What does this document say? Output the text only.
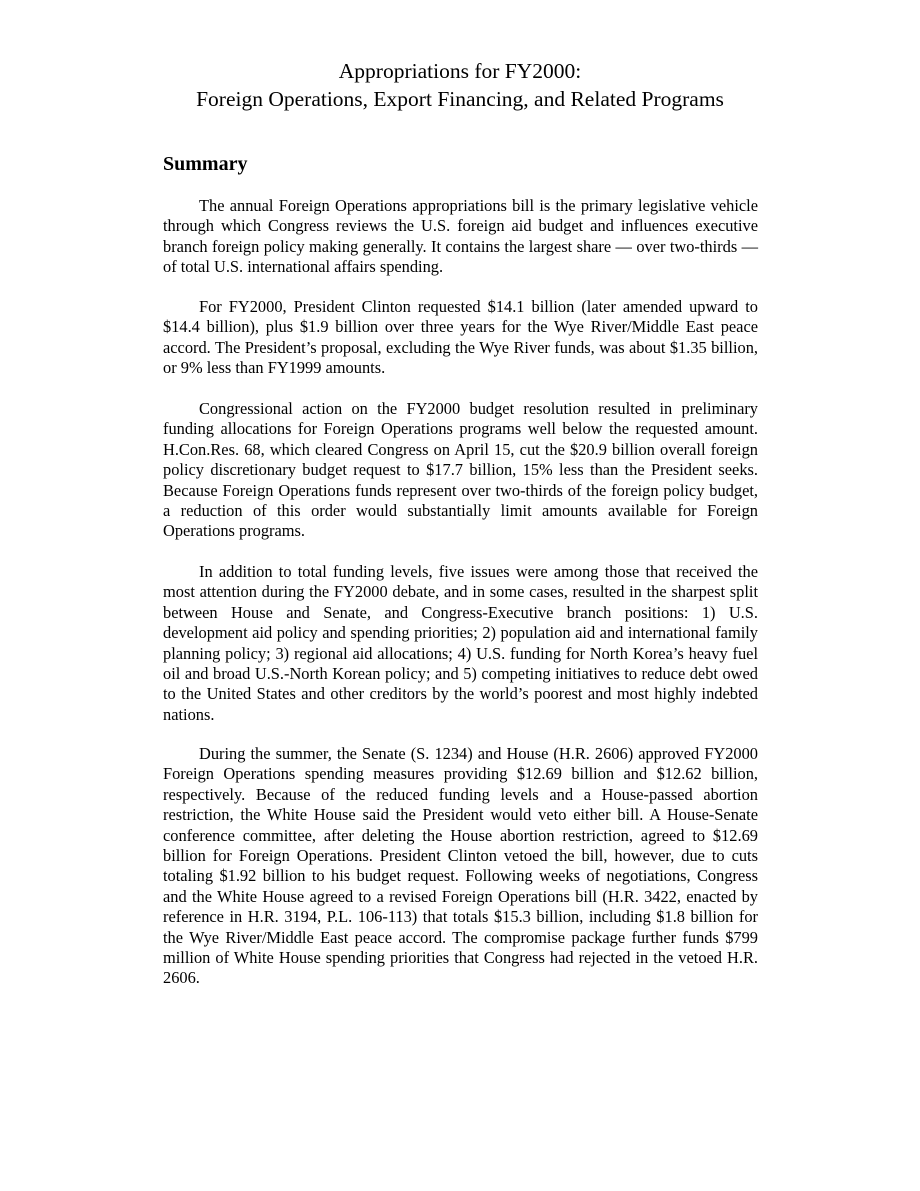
Appropriations for FY2000:
Foreign Operations, Export Financing, and Related Programs
Summary

The annual Foreign Operations appropriations bill is the primary legislative vehicle through which Congress reviews the U.S. foreign aid budget and influences executive branch foreign policy making generally. It contains the largest share — over two-thirds — of total U.S. international affairs spending.

For FY2000, President Clinton requested $14.1 billion (later amended upward to $14.4 billion), plus $1.9 billion over three years for the Wye River/Middle East peace accord. The President’s proposal, excluding the Wye River funds, was about $1.35 billion, or 9% less than FY1999 amounts.

Congressional action on the FY2000 budget resolution resulted in preliminary funding allocations for Foreign Operations programs well below the requested amount. H.Con.Res. 68, which cleared Congress on April 15, cut the $20.9 billion overall foreign policy discretionary budget request to $17.7 billion, 15% less than the President seeks. Because Foreign Operations funds represent over two-thirds of the foreign policy budget, a reduction of this order would substantially limit amounts available for Foreign Operations programs.

In addition to total funding levels, five issues were among those that received the most attention during the FY2000 debate, and in some cases, resulted in the sharpest split between House and Senate, and Congress-Executive branch positions: 1) U.S. development aid policy and spending priorities; 2) population aid and international family planning policy; 3) regional aid allocations; 4) U.S. funding for North Korea’s heavy fuel oil and broad U.S.-North Korean policy; and 5) competing initiatives to reduce debt owed to the United States and other creditors by the world’s poorest and most highly indebted nations.

During the summer, the Senate (S. 1234) and House (H.R. 2606) approved FY2000 Foreign Operations spending measures providing $12.69 billion and $12.62 billion, respectively. Because of the reduced funding levels and a House-passed abortion restriction, the White House said the President would veto either bill. A House-Senate conference committee, after deleting the House abortion restriction, agreed to $12.69 billion for Foreign Operations. President Clinton vetoed the bill, however, due to cuts totaling $1.92 billion to his budget request. Following weeks of negotiations, Congress and the White House agreed to a revised Foreign Operations bill (H.R. 3422, enacted by reference in H.R. 3194, P.L. 106-113) that totals $15.3 billion, including $1.8 billion for the Wye River/Middle East peace accord. The compromise package further funds $799 million of White House spending priorities that Congress had rejected in the vetoed H.R. 2606.
